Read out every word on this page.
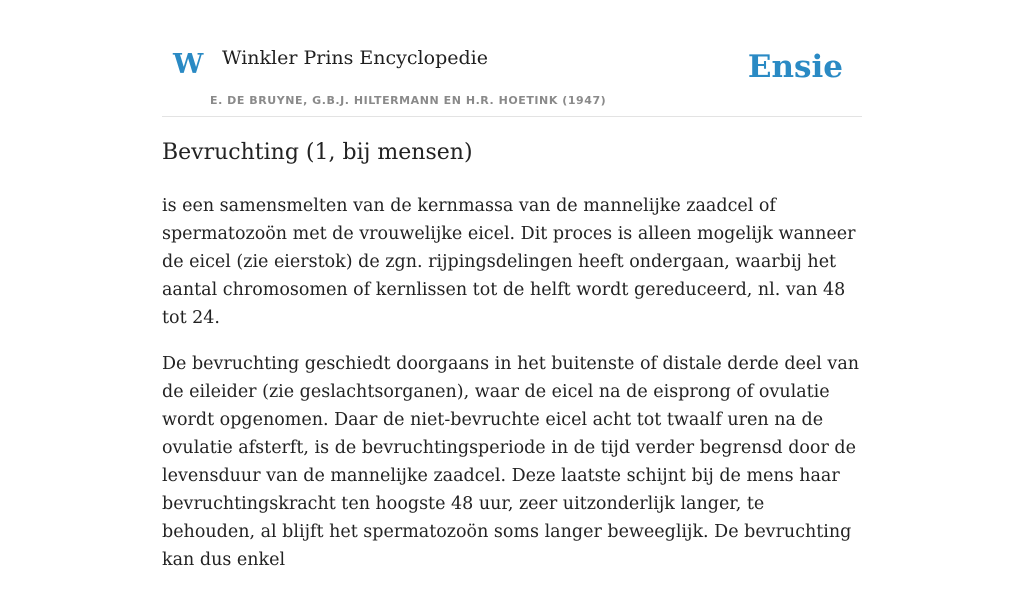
W Winkler Prins Encyclopedie
E. DE BRUYNE, G.B.J. HILTERMANN EN H.R. HOETINK (1947)
Ensie
Bevruchting (1, bij mensen)

is een samensmelten van de kernmassa van de mannelijke zaadcel of spermatozoön met de vrouwelijke eicel. Dit proces is alleen mogelijk wanneer de eicel (zie eierstok) de zgn. rijpingsdelingen heeft ondergaan, waarbij het aantal chromosomen of kernlissen tot de helft wordt gereduceerd, nl. van 48 tot 24.

De bevruchting geschiedt doorgaans in het buitenste of distale derde deel van de eileider (zie geslachtsorganen), waar de eicel na de eisprong of ovulatie wordt opgenomen. Daar de niet-bevruchte eicel acht tot twaalf uren na de ovulatie afsterft, is de bevruchtingsperiode in de tijd verder begrensd door de levensduur van de mannelijke zaadcel. Deze laatste schijnt bij de mens haar bevruchtingskracht ten hoogste 48 uur, zeer uitzonderlijk langer, te behouden, al blijft het spermatozoön soms langer beweeglijk. De bevruchting kan dus enkel
